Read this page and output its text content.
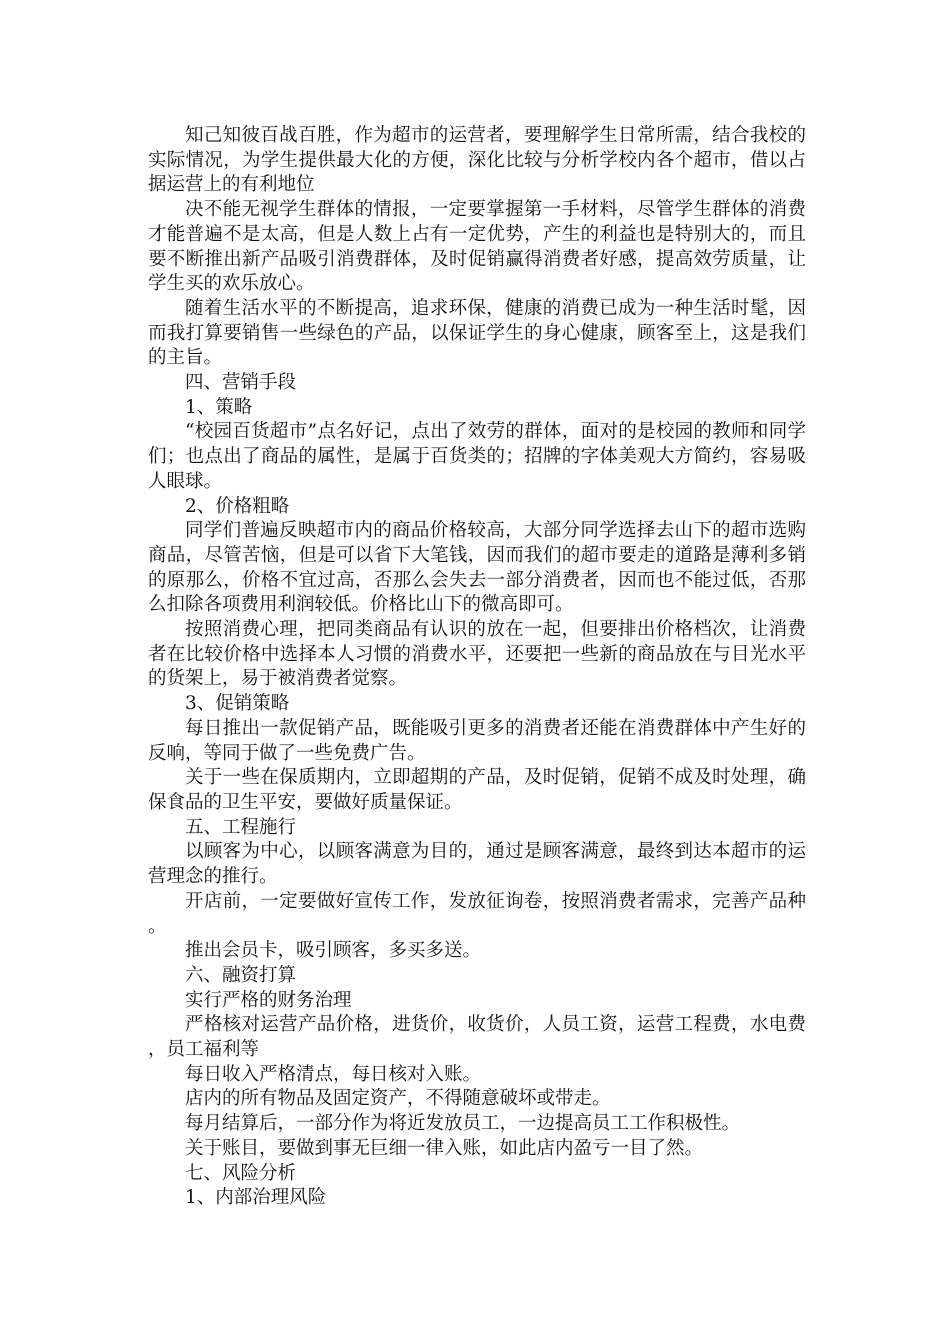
知己知彼百战百胜，作为超市的运营者，要理解学生日常所需，结合我校的实际情况，为学生提供最大化的方便，深化比较与分析学校内各个超市，借以占据运营上的有利地位

决不能无视学生群体的情报，一定要掌握第一手材料，尽管学生群体的消费才能普遍不是太高，但是人数上占有一定优势，产生的利益也是特别大的，而且要不断推出新产品吸引消费群体，及时促销赢得消费者好感，提高效劳质量，让学生买的欢乐放心。

随着生活水平的不断提高，追求环保，健康的消费已成为一种生活时髦，因而我打算要销售一些绿色的产品，以保证学生的身心健康，顾客至上，这是我们的主旨。

四、营销手段

1、策略

“校园百货超市”点名好记，点出了效劳的群体，面对的是校园的教师和同学们；也点出了商品的属性，是属于百货类的；招牌的字体美观大方简约，容易吸人眼球。

2、价格粗略

同学们普遍反映超市内的商品价格较高，大部分同学选择去山下的超市选购商品，尽管苦恼，但是可以省下大笔钱，因而我们的超市要走的道路是薄利多销的原那么，价格不宜过高，否那么会失去一部分消费者，因而也不能过低，否那么扣除各项费用利润较低。价格比山下的微高即可。

按照消费心理，把同类商品有认识的放在一起，但要排出价格档次，让消费者在比较价格中选择本人习惯的消费水平，还要把一些新的商品放在与目光水平的货架上，易于被消费者觉察。

3、促销策略

每日推出一款促销产品，既能吸引更多的消费者还能在消费群体中产生好的反响，等同于做了一些免费广告。

关于一些在保质期内，立即超期的产品，及时促销，促销不成及时处理，确保食品的卫生平安，要做好质量保证。

五、工程施行

以顾客为中心，以顾客满意为目的，通过是顾客满意，最终到达本超市的运营理念的推行。

开店前，一定要做好宣传工作，发放征询卷，按照消费者需求，完善产品种。

推出会员卡，吸引顾客，多买多送。

六、融资打算

实行严格的财务治理

严格核对运营产品价格，进货价，收货价，人员工资，运营工程费，水电费，员工福利等

每日收入严格清点，每日核对入账。

店内的所有物品及固定资产，不得随意破坏或带走。

每月结算后，一部分作为将近发放员工，一边提高员工工作积极性。

关于账目，要做到事无巨细一律入账，如此店内盈亏一目了然。

七、风险分析

1、内部治理风险
